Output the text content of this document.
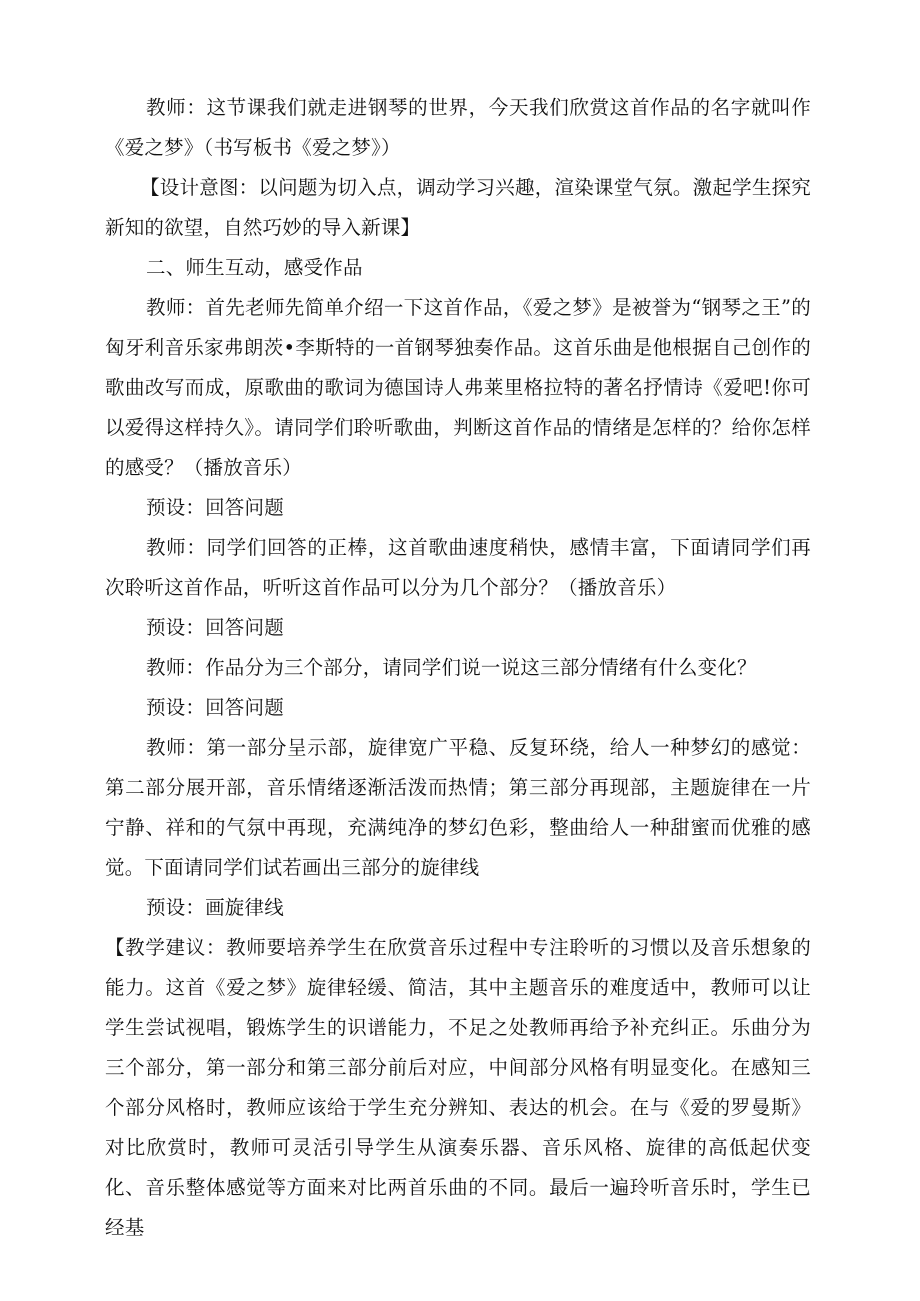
教师：这节课我们就走进钢琴的世界，今天我们欣赏这首作品的名字就叫作《爱之梦》（书写板书《爱之梦》）

【设计意图：以问题为切入点，调动学习兴趣，渲染课堂气氛。激起学生探究新知的欲望，自然巧妙的导入新课】

二、师生互动，感受作品

教师：首先老师先简单介绍一下这首作品，《爱之梦》是被誉为“钢琴之王”的匈牙利音乐家弗朗茨•李斯特的一首钢琴独奏作品。这首乐曲是他根据自己创作的歌曲改写而成，原歌曲的歌词为德国诗人弗莱里格拉特的著名抒情诗《爱吧!你可以爱得这样持久》。请同学们聆听歌曲，判断这首作品的情绪是怎样的？给你怎样的感受？（播放音乐）

预设：回答问题

教师：同学们回答的正棒，这首歌曲速度稍快，感情丰富，下面请同学们再次聆听这首作品，听听这首作品可以分为几个部分？（播放音乐）

预设：回答问题

教师：作品分为三个部分，请同学们说一说这三部分情绪有什么变化？

预设：回答问题

教师：第一部分呈示部，旋律宽广平稳、反复环绕，给人一种梦幻的感觉：第二部分展开部，音乐情绪逐渐活泼而热情；第三部分再现部，主题旋律在一片宁静、祥和的气氛中再现，充满纯净的梦幻色彩，整曲给人一种甜蜜而优雅的感觉。下面请同学们试若画出三部分的旋律线

预设：画旋律线

【教学建议：教师要培养学生在欣赏音乐过程中专注聆听的习惯以及音乐想象的能力。这首《爱之梦》旋律轻缓、简洁，其中主题音乐的难度适中，教师可以让学生尝试视唱，锻炼学生的识谱能力，不足之处教师再给予补充纠正。乐曲分为三个部分，第一部分和第三部分前后对应，中间部分风格有明显变化。在感知三个部分风格时，教师应该给于学生充分辨知、表达的机会。在与《爱的罗曼斯》对比欣赏时，教师可灵活引导学生从演奏乐器、音乐风格、旋律的高低起伏变化、音乐整体感觉等方面来对比两首乐曲的不同。最后一遍玲听音乐时，学生已经基
